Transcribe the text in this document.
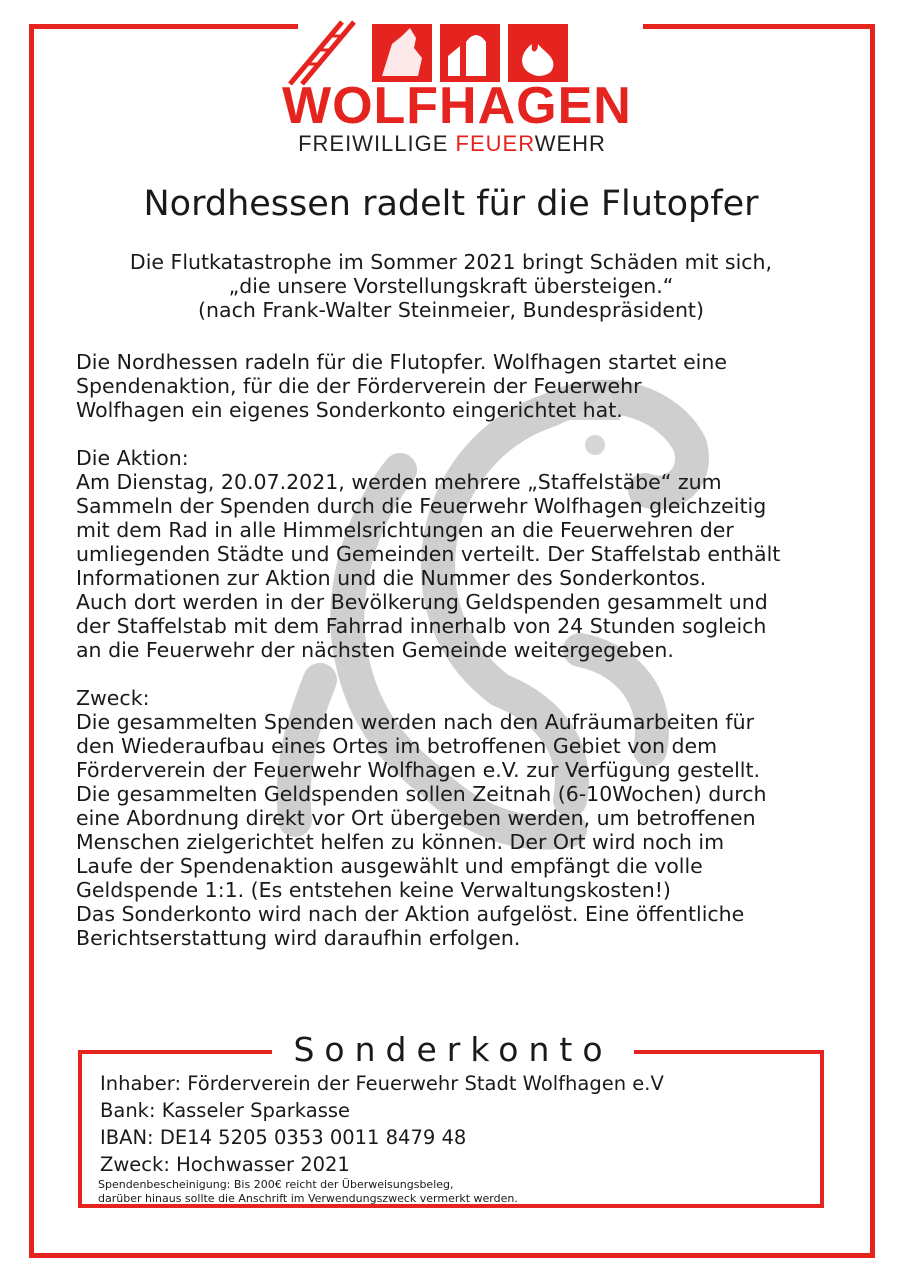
WOLFHAGEN
FREIWILLIGE FEUERWEHR
Nordhessen radelt für die Flutopfer
Die Flutkatastrophe im Sommer 2021 bringt Schäden mit sich,
„die unsere Vorstellungskraft übersteigen.“
(nach Frank-Walter Steinmeier, Bundespräsident)

Die Nordhessen radeln für die Flutopfer. Wolfhagen startet eine

Spendenaktion, für die der Förderverein der Feuerwehr

Wolfhagen ein eigenes Sonderkonto eingerichtet hat.

Die Aktion:

Am Dienstag, 20.07.2021, werden mehrere „Staffelstäbe“ zum

Sammeln der Spenden durch die Feuerwehr Wolfhagen gleichzeitig

mit dem Rad in alle Himmelsrichtungen an die Feuerwehren der

umliegenden Städte und Gemeinden verteilt. Der Staffelstab enthält

Informationen zur Aktion und die Nummer des Sonderkontos.

Auch dort werden in der Bevölkerung Geldspenden gesammelt und

der Staffelstab mit dem Fahrrad innerhalb von 24 Stunden sogleich

an die Feuerwehr der nächsten Gemeinde weitergegeben.

Zweck:

Die gesammelten Spenden werden nach den Aufräumarbeiten für

den Wiederaufbau eines Ortes im betroffenen Gebiet von dem

Förderverein der Feuerwehr Wolfhagen e.V. zur Verfügung gestellt.

Die gesammelten Geldspenden sollen Zeitnah (6-10Wochen) durch

eine Abordnung direkt vor Ort übergeben werden, um betroffenen

Menschen zielgerichtet helfen zu können. Der Ort wird noch im

Laufe der Spendenaktion ausgewählt und empfängt die volle

Geldspende 1:1. (Es entstehen keine Verwaltungskosten!)

Das Sonderkonto wird nach der Aktion aufgelöst. Eine öffentliche

Berichtserstattung wird daraufhin erfolgen.

Sonderkonto
Inhaber: Förderverein der Feuerwehr Stadt Wolfhagen e.V
Bank: Kasseler Sparkasse
IBAN: DE14 5205 0353 0011 8479 48
Zweck: Hochwasser 2021
Spendenbescheinigung: Bis 200€ reicht der Überweisungsbeleg,
darüber hinaus sollte die Anschrift im Verwendungszweck vermerkt werden.
